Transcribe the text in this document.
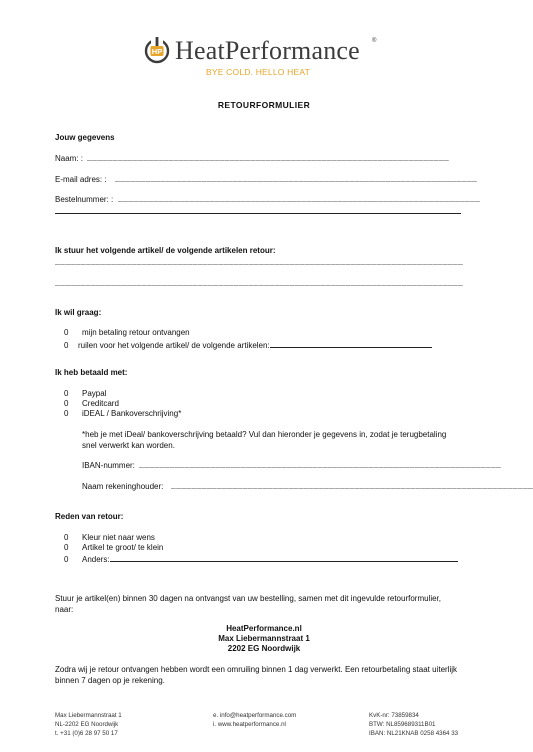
HP HeatPerformance ®
BYE COLD. HELLO HEAT
RETOURFORMULIER
Jouw gegevens
Naam: : _______________________________________________________________________
E-mail adres: : _______________________________________________________________________
Bestelnummer: : _______________________________________________________________________
Ik stuur het volgende artikel/ de volgende artikelen retour:
________________________________________________________________________________
________________________________________________________________________________
Ik wil graag:
0 mijn betaling retour ontvangen
0 ruilen voor het volgende artikel/ de volgende artikelen:
Ik heb betaald met:
0 Paypal
0 Creditcard
0 iDEAL / Bankoverschrijving*
*heb je met iDeal/ bankoverschrijving betaald? Vul dan hieronder je gegevens in, zodat je terugbetaling snel verwerkt kan worden.
IBAN-nummer: _______________________________________________________________________
Naam rekeninghouder: _______________________________________________________________________
Reden van retour:
0 Kleur niet naar wens
0 Artikel te groot/ te klein
0 Anders:
Stuur je artikel(en) binnen 30 dagen na ontvangst van uw bestelling, samen met dit ingevulde retourformulier, naar:
HeatPerformance.nl
Max Liebermannstraat 1
2202 EG Noordwijk
Zodra wij je retour ontvangen hebben wordt een omruiling binnen 1 dag verwerkt. Een retourbetaling staat uiterlijk binnen 7 dagen op je rekening.
Max Liebermannstraat 1
NL-2202 EG Noordwijk
t. +31 (0)6 28 97 50 17
e. info@heatperformance.com
i. www.heatperformance.nl
KvK-nr: 73859834
BTW: NL859689311B01
IBAN: NL21KNAB 0258 4364 33
